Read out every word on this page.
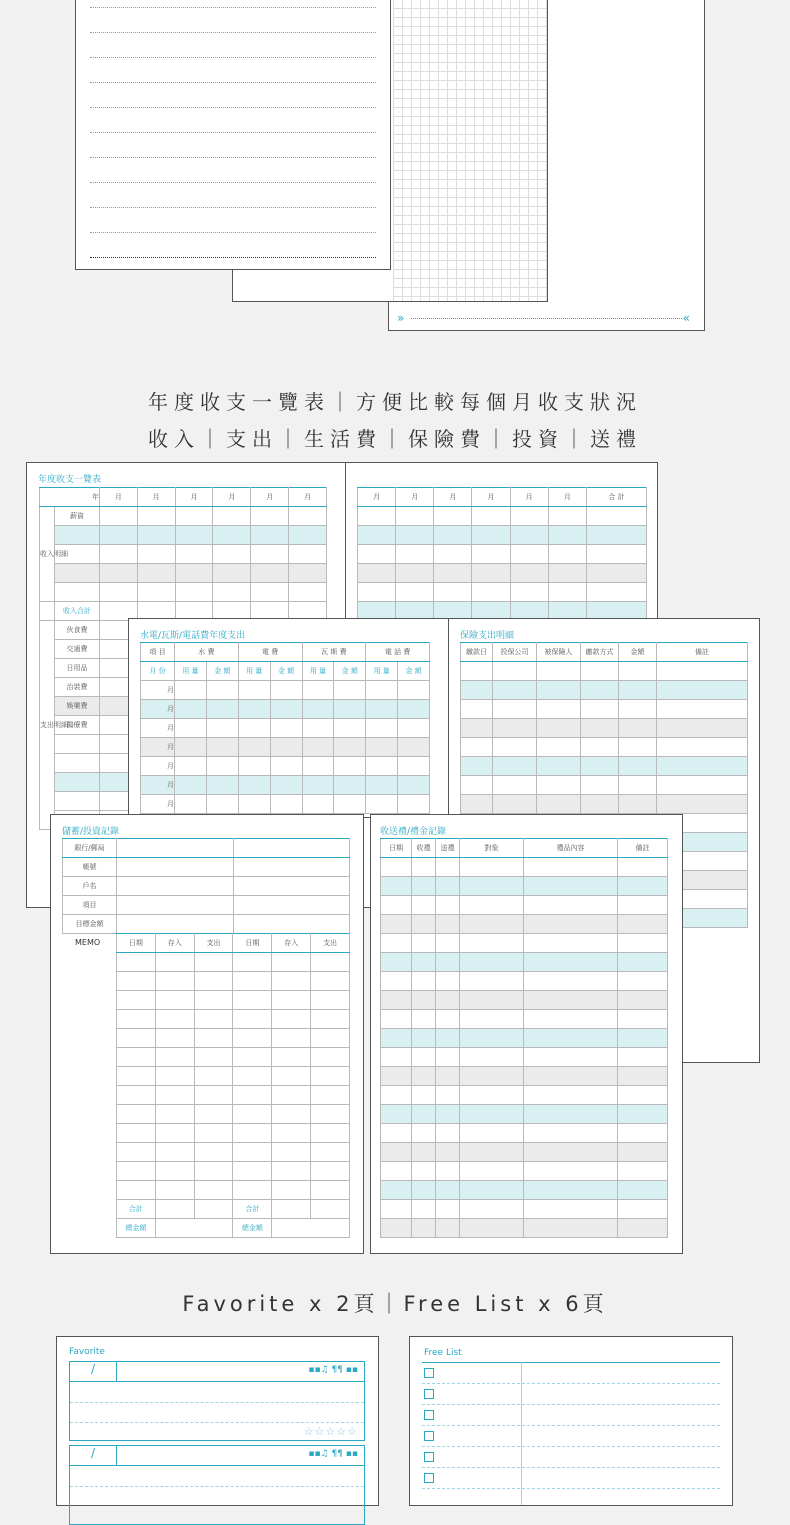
»	«
年度收支一覽表｜方便比較每個月收支狀況
收入｜支出｜生活費｜保險費｜投資｜送禮
年度收支一覽表
年		月	月	月	月	月	月
收入明細	薪資						

	收入合計						
支出明細	伙食費						
	交通費						
	日用品						
	治裝費						
	娛樂費						
	醫療費						

月	月	月	月	月	月	合 計

保險支出明細
繳款日	投保公司	被保險人	繳款方式	金額	備註

水電/瓦斯/電話費年度支出
項 目	水 費		電 費		瓦 斯 費		電 話 費	
月 份	用 量	金 額	用 量	金 額	用 量	金 額	用 量	金 額
月								
月								
月								
月								
月								
月								
月								
儲蓄/投資記錄
銀行/郵局		
帳號		
戶名		
項目		
目標金額		
MEMO	日期	存入	支出	日期	存入	支出

合計			合計		
總金額			總金額		
收送禮/禮金記錄
日期	收禮	送禮	對象	禮品內容	備註

Favorite x 2頁｜Free List x 6頁
Favorite
/	▪▪♫ ¶¶ ▪▪
☆☆☆☆☆
/	▪▪♫ ¶¶ ▪▪
Free List
